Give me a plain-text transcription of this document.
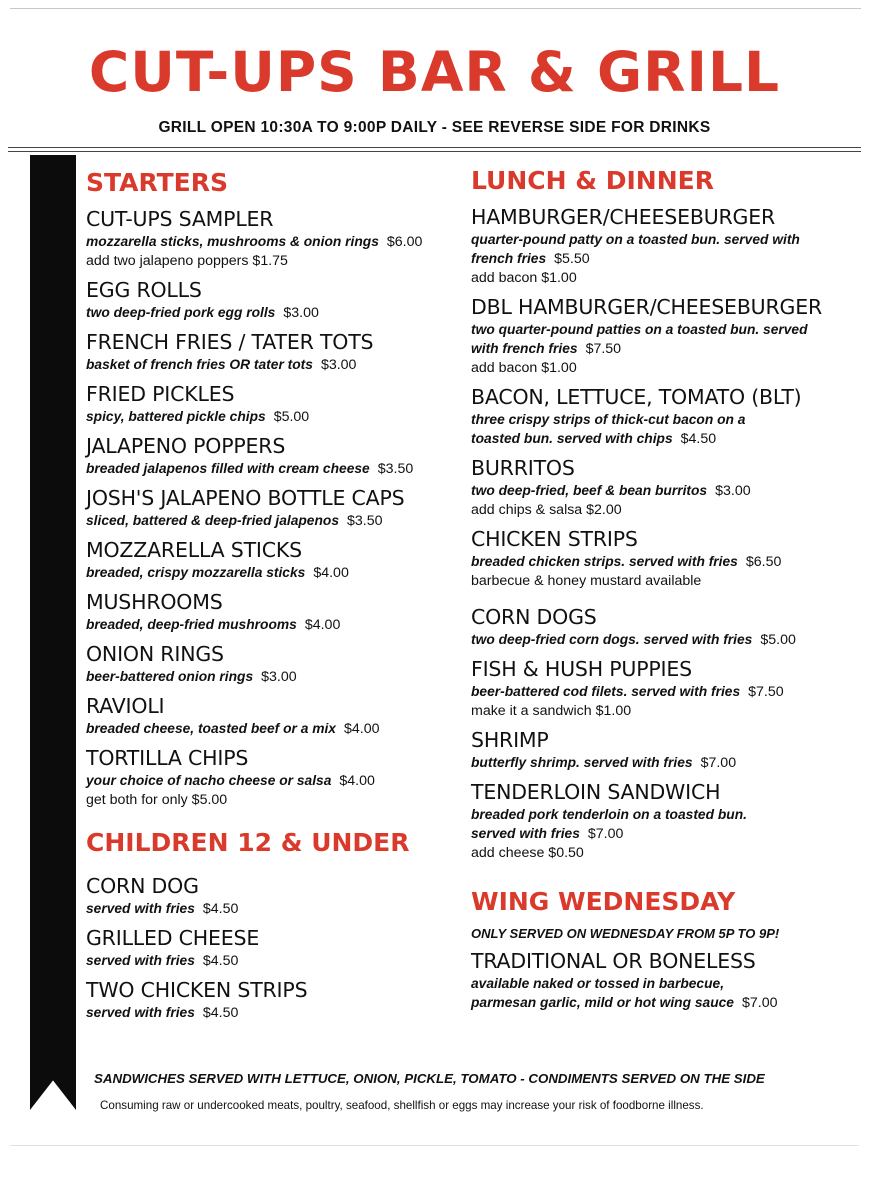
CUT-UPS BAR & GRILL
GRILL OPEN 10:30A TO 9:00P DAILY - SEE REVERSE SIDE FOR DRINKS
STARTERS
CUT-UPS SAMPLER
mozzarella sticks, mushrooms & onion rings $6.00
add two jalapeno poppers $1.75
EGG ROLLS
two deep-fried pork egg rolls $3.00
FRENCH FRIES / TATER TOTS
basket of french fries OR tater tots $3.00
FRIED PICKLES
spicy, battered pickle chips $5.00
JALAPENO POPPERS
breaded jalapenos filled with cream cheese $3.50
JOSH'S JALAPENO BOTTLE CAPS
sliced, battered & deep-fried jalapenos $3.50
MOZZARELLA STICKS
breaded, crispy mozzarella sticks $4.00
MUSHROOMS
breaded, deep-fried mushrooms $4.00
ONION RINGS
beer-battered onion rings $3.00
RAVIOLI
breaded cheese, toasted beef or a mix $4.00
TORTILLA CHIPS
your choice of nacho cheese or salsa $4.00
get both for only $5.00
CHILDREN 12 & UNDER
CORN DOG
served with fries $4.50
GRILLED CHEESE
served with fries $4.50
TWO CHICKEN STRIPS
served with fries $4.50
LUNCH & DINNER
HAMBURGER/CHEESEBURGER
quarter-pound patty on a toasted bun. served with
french fries $5.50
add bacon $1.00
DBL HAMBURGER/CHEESEBURGER
two quarter-pound patties on a toasted bun. served
with french fries $7.50
add bacon $1.00
BACON, LETTUCE, TOMATO (BLT)
three crispy strips of thick-cut bacon on a
toasted bun. served with chips $4.50
BURRITOS
two deep-fried, beef & bean burritos $3.00
add chips & salsa $2.00
CHICKEN STRIPS
breaded chicken strips. served with fries $6.50
barbecue & honey mustard available
CORN DOGS
two deep-fried corn dogs. served with fries $5.00
FISH & HUSH PUPPIES
beer-battered cod filets. served with fries $7.50
make it a sandwich $1.00
SHRIMP
butterfly shrimp. served with fries $7.00
TENDERLOIN SANDWICH
breaded pork tenderloin on a toasted bun.
served with fries $7.00
add cheese $0.50
WING WEDNESDAY
ONLY SERVED ON WEDNESDAY FROM 5P TO 9P!
TRADITIONAL OR BONELESS
available naked or tossed in barbecue,
parmesan garlic, mild or hot wing sauce $7.00
SANDWICHES SERVED WITH LETTUCE, ONION, PICKLE, TOMATO - CONDIMENTS SERVED ON THE SIDE
Consuming raw or undercooked meats, poultry, seafood, shellfish or eggs may increase your risk of foodborne illness.
